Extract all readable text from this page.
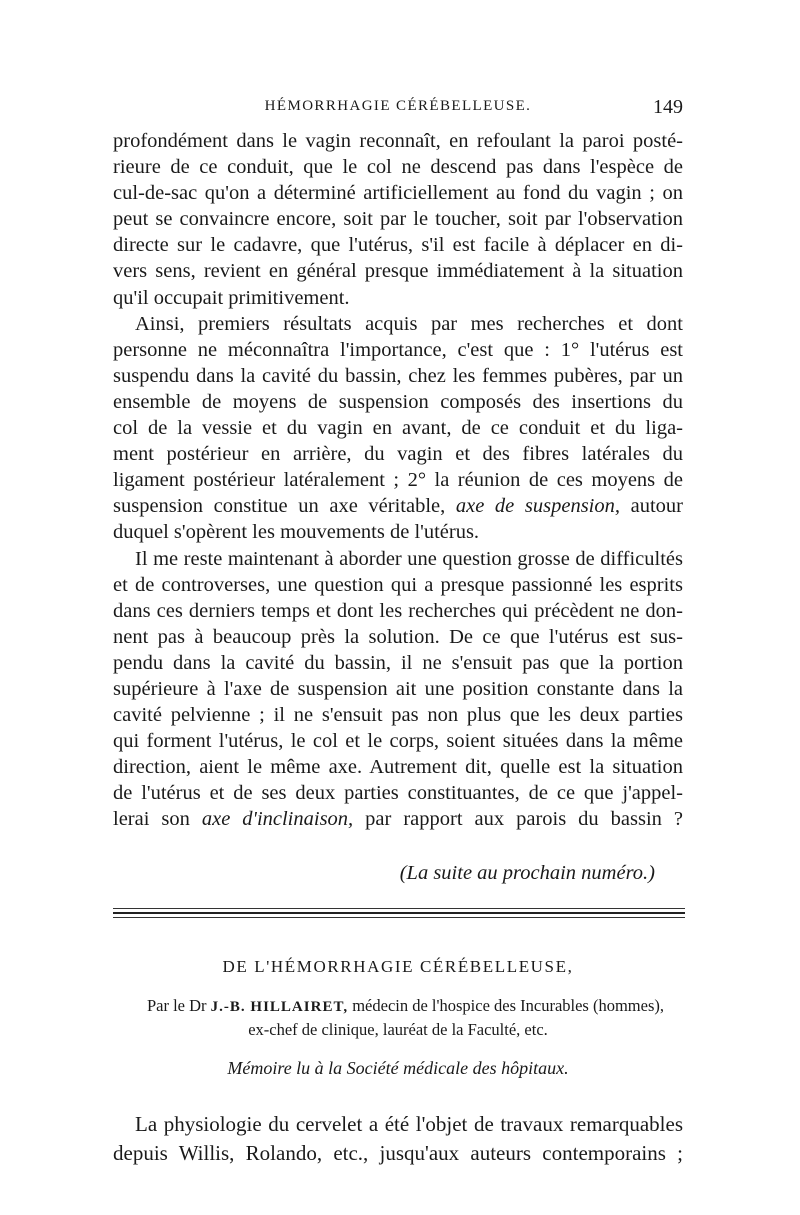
HÉMORRHAGIE CÉRÉBELLEUSE.	149
profondément dans le vagin reconnaît, en refoulant la paroi posté-
rieure de ce conduit, que le col ne descend pas dans l'espèce de
cul-de-sac qu'on a déterminé artificiellement au fond du vagin ; on
peut se convaincre encore, soit par le toucher, soit par l'observation
directe sur le cadavre, que l'utérus, s'il est facile à déplacer en di-
vers sens, revient en général presque immédiatement à la situation
qu'il occupait primitivement.
Ainsi, premiers résultats acquis par mes recherches et dont
personne ne méconnaîtra l'importance, c'est que : 1° l'utérus est
suspendu dans la cavité du bassin, chez les femmes pubères, par un
ensemble de moyens de suspension composés des insertions du
col de la vessie et du vagin en avant, de ce conduit et du liga-
ment postérieur en arrière, du vagin et des fibres latérales du
ligament postérieur latéralement ; 2° la réunion de ces moyens de
suspension constitue un axe véritable, axe de suspension, autour
duquel s'opèrent les mouvements de l'utérus.
Il me reste maintenant à aborder une question grosse de difficultés
et de controverses, une question qui a presque passionné les esprits
dans ces derniers temps et dont les recherches qui précèdent ne don-
nent pas à beaucoup près la solution. De ce que l'utérus est sus-
pendu dans la cavité du bassin, il ne s'ensuit pas que la portion
supérieure à l'axe de suspension ait une position constante dans la
cavité pelvienne ; il ne s'ensuit pas non plus que les deux parties
qui forment l'utérus, le col et le corps, soient situées dans la même
direction, aient le même axe. Autrement dit, quelle est la situation
de l'utérus et de ses deux parties constituantes, de ce que j'appel-
lerai son axe d'inclinaison, par rapport aux parois du bassin ?
(La suite au prochain numéro.)
DE L'HÉMORRHAGIE CÉRÉBELLEUSE,
Par le Dr J.-B. HILLAIRET, médecin de l'hospice des Incurables (hommes),
ex-chef de clinique, lauréat de la Faculté, etc.
Mémoire lu à la Société médicale des hôpitaux.
La physiologie du cervelet a été l'objet de travaux remarquables
depuis Willis, Rolando, etc., jusqu'aux auteurs contemporains ;
